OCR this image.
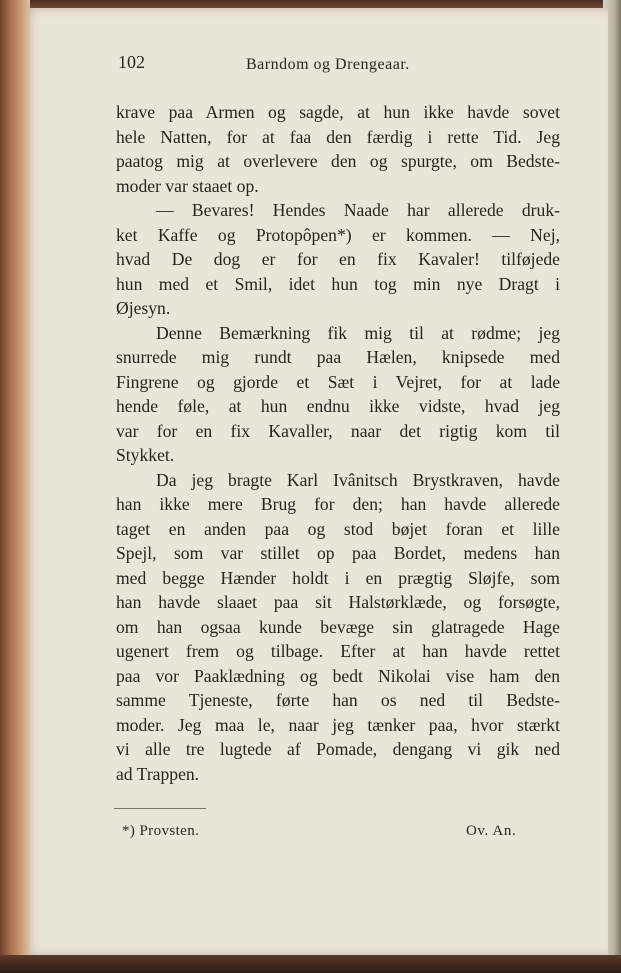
102	Barndom og Drengeaar.
krave paa Armen og sagde, at hun ikke havde sovet
hele Natten, for at faa den færdig i rette Tid. Jeg
paatog mig at overlevere den og spurgte, om Bedste-
moder var staaet op.
— Bevares! Hendes Naade har allerede druk-
ket Kaffe og Protopôpen*) er kommen. — Nej,
hvad De dog er for en fix Kavaler! tilføjede
hun med et Smil, idet hun tog min nye Dragt i
Øjesyn.
Denne Bemærkning fik mig til at rødme; jeg
snurrede mig rundt paa Hælen, knipsede med
Fingrene og gjorde et Sæt i Vejret, for at lade
hende føle, at hun endnu ikke vidste, hvad jeg
var for en fix Kavaller, naar det rigtig kom til
Stykket.
Da jeg bragte Karl Ivânitsch Brystkraven, havde
han ikke mere Brug for den; han havde allerede
taget en anden paa og stod bøjet foran et lille
Spejl, som var stillet op paa Bordet, medens han
med begge Hænder holdt i en prægtig Sløjfe, som
han havde slaaet paa sit Halstørklæde, og forsøgte,
om han ogsaa kunde bevæge sin glatragede Hage
ugenert frem og tilbage. Efter at han havde rettet
paa vor Paaklædning og bedt Nikolai vise ham den
samme Tjeneste, førte han os ned til Bedste-
moder. Jeg maa le, naar jeg tænker paa, hvor stærkt
vi alle tre lugtede af Pomade, dengang vi gik ned
ad Trappen.
*) Provsten.	Ov. An.
